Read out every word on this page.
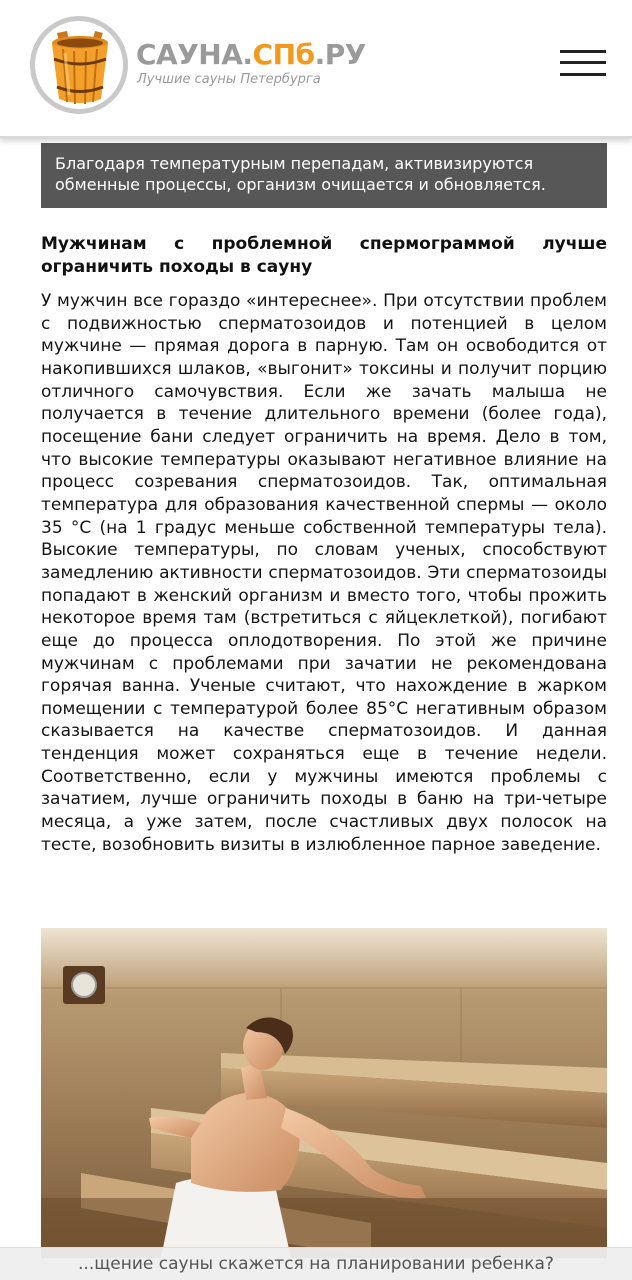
САУНА.СПб.РУ
Лучшие сауны Петербурга
Благодаря температурным перепадам, активизируются обменные процессы, организм очищается и обновляется.
Мужчинам с проблемной спермограммой лучше ограничить походы в сауну

У мужчин все гораздо «интереснее». При отсутствии проблем с подвижностью сперматозоидов и потенцией в целом мужчине — прямая дорога в парную. Там он освободится от накопившихся шлаков, «выгонит» токсины и получит порцию отличного самочувствия. Если же зачать малыша не получается в течение длительного времени (более года), посещение бани следует ограничить на время. Дело в том, что высокие температуры оказывают негативное влияние на процесс созревания сперматозоидов. Так, оптимальная температура для образования качественной спермы — около 35 °С (на 1 градус меньше собственной температуры тела). Высокие температуры, по словам ученых, способствуют замедлению активности сперматозоидов. Эти сперматозоиды попадают в женский организм и вместо того, чтобы прожить некоторое время там (встретиться с яйцеклеткой), погибают еще до процесса оплодотворения. По этой же причине мужчинам с проблемами при зачатии не рекомендована горячая ванна. Ученые считают, что нахождение в жарком помещении с температурой более 85°С негативным образом сказывается на качестве сперматозоидов. И данная тенденция может сохраняться еще в течение недели. Соответственно, если у мужчины имеются проблемы с зачатием, лучше ограничить походы в баню на три-четыре месяца, а уже затем, после счастливых двух полосок на тесте, возобновить визиты в излюбленное парное заведение.

...щение сауны скажется на планировании ребенка?
